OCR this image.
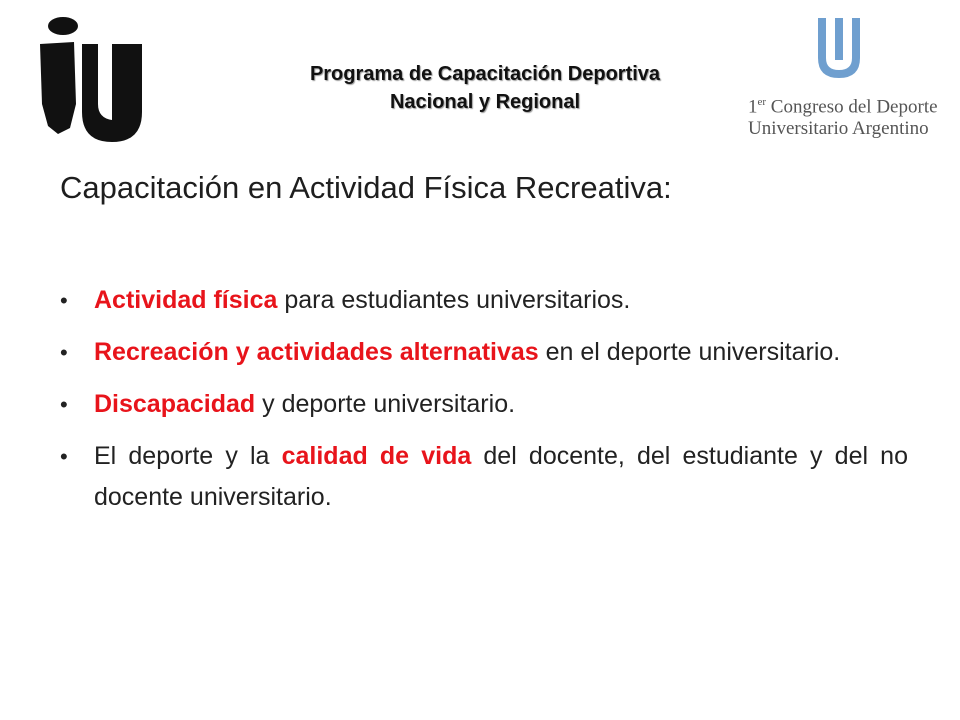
Programa de Capacitación Deportiva
Nacional y Regional	1er Congreso del Deporte
Universitario Argentino
Capacitación en Actividad Física Recreativa:
• Actividad física para estudiantes universitarios.
• Recreación y actividades alternativas en el deporte universitario.
• Discapacidad y deporte universitario.
• El deporte y la calidad de vida del docente, del estudiante y del no docente universitario.
